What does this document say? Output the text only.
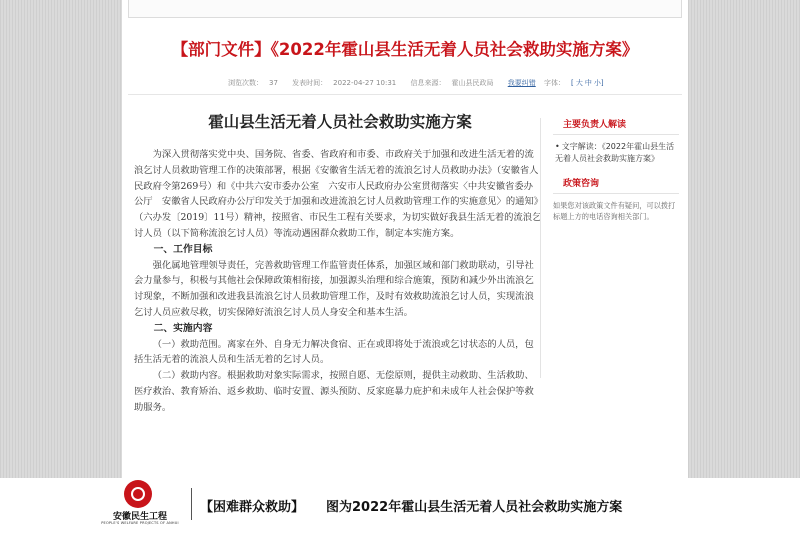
【部门文件】《2022年霍山县生活无着人员社会救助实施方案》
浏览次数： 37 发表时间： 2022-04-27 10:31 信息来源： 霍山县民政局 我要纠错 字体： [ 大 中 小]
霍山县生活无着人员社会救助实施方案

为深入贯彻落实党中央、国务院、省委、省政府和市委、市政府关于加强和改进生活无着的流浪乞讨人员救助管理工作的决策部署，根据《安徽省生活无着的流浪乞讨人员救助办法》（安徽省人民政府令第269号）和《中共六安市委办公室　六安市人民政府办公室贯彻落实〈中共安徽省委办公厅　安徽省人民政府办公厅印发关于加强和改进流浪乞讨人员救助管理工作的实施意见〉的通知》（六办发〔2019〕11号）精神，按照省、市民生工程有关要求，为切实做好我县生活无着的流浪乞讨人员（以下简称流浪乞讨人员）等流动遇困群众救助工作，制定本实施方案。

一、工作目标

强化属地管理领导责任，完善救助管理工作监管责任体系，加强区域和部门救助联动，引导社会力量参与，积极与其他社会保障政策相衔接，加强源头治理和综合施策，预防和减少外出流浪乞讨现象，不断加强和改进我县流浪乞讨人员救助管理工作，及时有效救助流浪乞讨人员，实现流浪乞讨人员应救尽救，切实保障好流浪乞讨人员人身安全和基本生活。

二、实施内容

（一）救助范围。离家在外、自身无力解决食宿、正在或即将处于流浪或乞讨状态的人员，包括生活无着的流浪人员和生活无着的乞讨人员。

（二）救助内容。根据救助对象实际需求，按照自愿、无偿原则，提供主动救助、生活救助、医疗救治、教育矫治、返乡救助、临时安置、源头预防、反家庭暴力庇护和未成年人社会保护等救助服务。

主要负责人解读
• 文字解读：《2022年霍山县生活无着人员社会救助实施方案》
政策咨询
如果您对该政策文件有疑问，可以拨打标题上方的电话咨询相关部门。
安徽民生工程
PEOPLE'S WELFARE PROJECTS OF ANHUI
【困难群众救助】 图为2022年霍山县生活无着人员社会救助实施方案
